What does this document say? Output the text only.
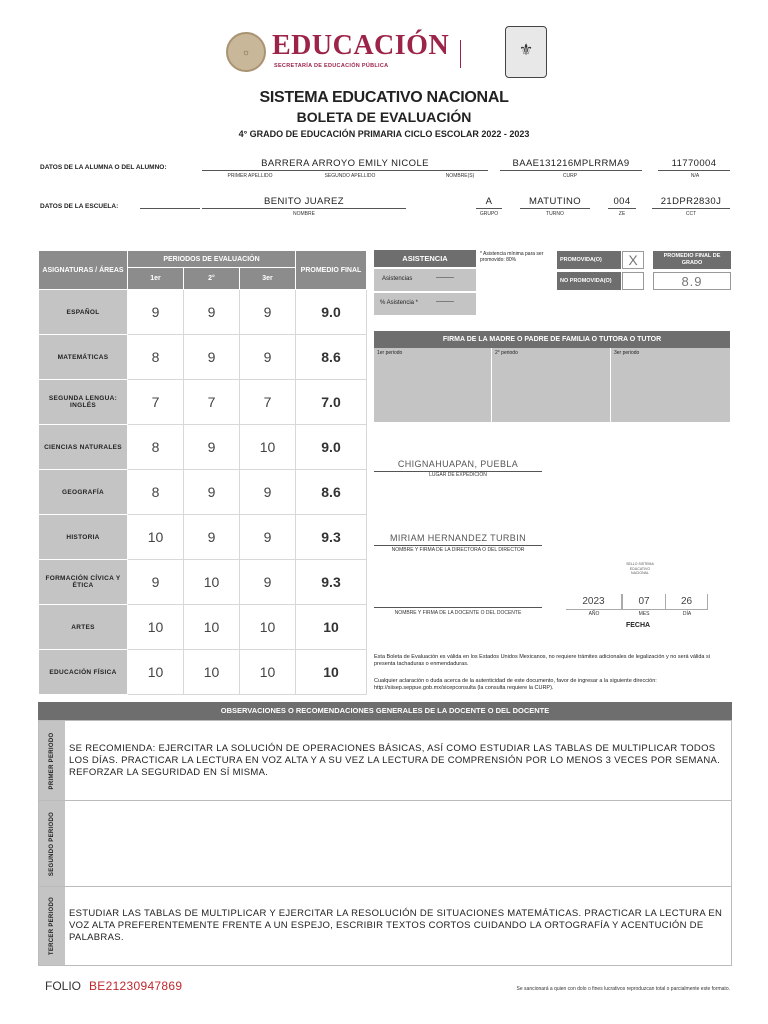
☼ EDUCACIÓN
SECRETARÍA DE EDUCACIÓN PÚBLICA
⚜
SISTEMA EDUCATIVO NACIONAL
BOLETA DE EVALUACIÓN
4° GRADO DE EDUCACIÓN PRIMARIA CICLO ESCOLAR 2022 - 2023
DATOS DE LA ALUMNA O DEL ALUMNO:	BARRERA ARROYO EMILY NICOLE	BAAE131216MPLRRMA9	11770004
PRIMER APELLIDO	SEGUNDO APELLIDO	NOMBRE(S)	CURP	N/A
DATOS DE LA ESCUELA:	BENITO JUAREZ	A	MATUTINO	004	21DPR2830J
NOMBRE	GRUPO	TURNO	ZE	CCT
ASIGNATURAS / ÁREAS	PERIODOS DE EVALUACIÓN			PROMEDIO FINAL
	1er	2°	3er	
ESPAÑOL	9	9	9	9.0
MATEMÁTICAS	8	9	9	8.6
SEGUNDA LENGUA: INGLÉS	7	7	7	7.0
CIENCIAS NATURALES	8	9	10	9.0
GEOGRAFÍA	8	9	9	8.6
HISTORIA	10	9	9	9.3
FORMACIÓN CÍVICA Y ÉTICA	9	10	9	9.3
ARTES	10	10	10	10
EDUCACIÓN FÍSICA	10	10	10	10
ASISTENCIA	* Asistencia mínima para ser promovido: 80%
Asistencias	———
% Asistencia *	———
PROMOVIDA(O)	X
NO PROMOVIDA(O)
PROMEDIO FINAL DE GRADO
8.9
FIRMA DE LA MADRE O PADRE DE FAMILIA O TUTORA O TUTOR
1er periodo	2° periodo	3er periodo
CHIGNAHUAPAN, PUEBLA
LUGAR DE EXPEDICIÓN
MIRIAM HERNANDEZ TURBIN
NOMBRE Y FIRMA DE LA DIRECTORA O DEL DIRECTOR
NOMBRE Y FIRMA DE LA DOCENTE O DEL DOCENTE
SELLO SISTEMA EDUCATIVO NACIONAL
2023	07	26
AÑO	MES	DÍA
FECHA
Esta Boleta de Evaluación es válida en los Estados Unidos Mexicanos, no requiere trámites adicionales de legalización y no será válida si presenta tachaduras o enmendaduras.
Cualquier aclaración o duda acerca de la autenticidad de este documento, favor de ingresar a la siguiente dirección: http://siisep.seppue.gob.mx/sicepconsulta (la consulta requiere la CURP).
OBSERVACIONES O RECOMENDACIONES GENERALES DE LA DOCENTE O DEL DOCENTE
PRIMER PERIODO SE RECOMIENDA: EJERCITAR LA SOLUCIÓN DE OPERACIONES BÁSICAS, ASÍ COMO ESTUDIAR LAS TABLAS DE MULTIPLICAR TODOS LOS DÍAS. PRACTICAR LA LECTURA EN VOZ ALTA Y A SU VEZ LA LECTURA DE COMPRENSIÓN POR LO MENOS 3 VECES POR SEMANA. REFORZAR LA SEGURIDAD EN SÍ MISMA.
SEGUNDO PERIODO
TERCER PERIODO ESTUDIAR LAS TABLAS DE MULTIPLICAR Y EJERCITAR LA RESOLUCIÓN DE SITUACIONES MATEMÁTICAS. PRACTICAR LA LECTURA EN VOZ ALTA PREFERENTEMENTE FRENTE A UN ESPEJO, ESCRIBIR TEXTOS CORTOS CUIDANDO LA ORTOGRAFÍA Y ACENTUCIÓN DE PALABRAS.
FOLIO BE21230947869	Se sancionará a quien con dolo o fines lucrativos reproduzcan total o parcialmente este formato.
